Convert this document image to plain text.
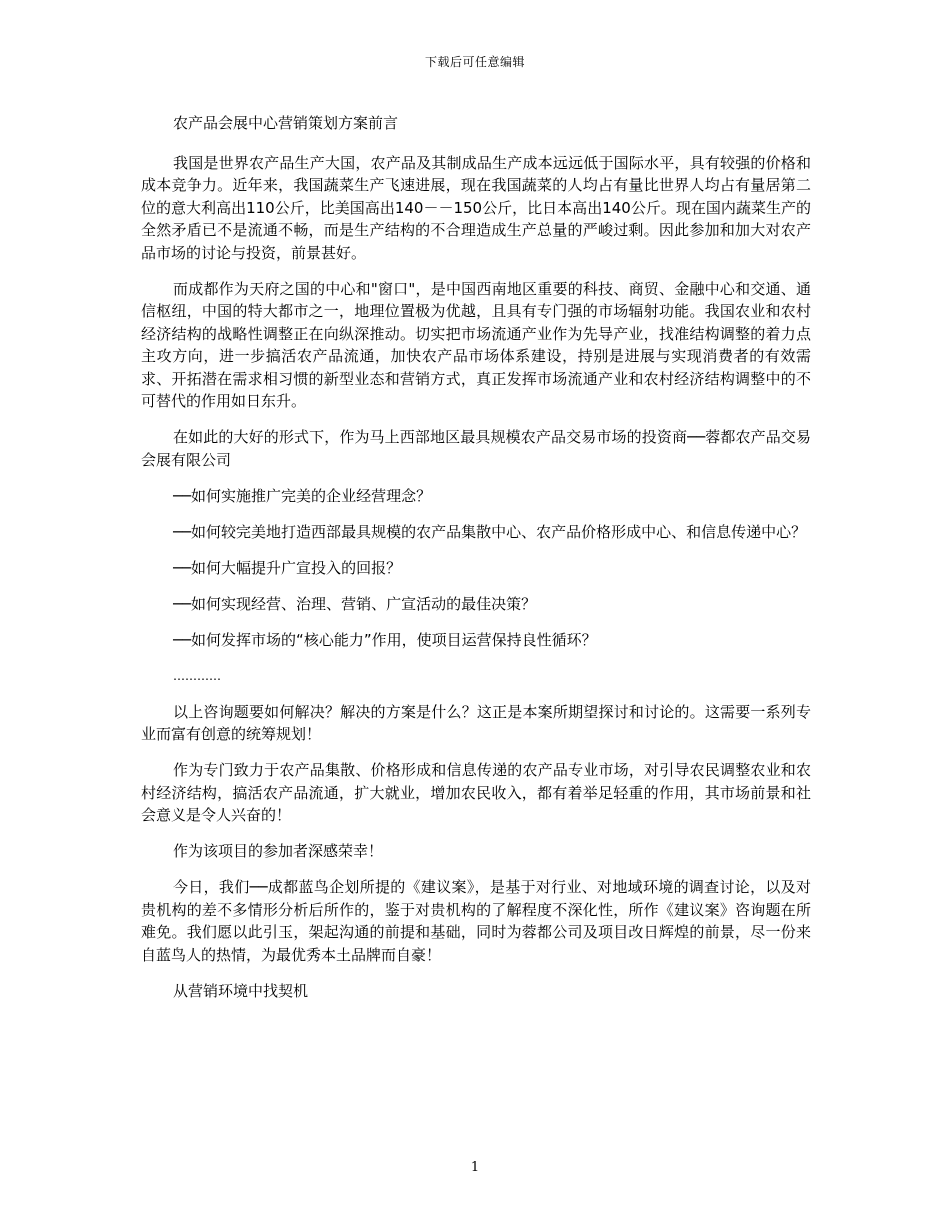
下载后可任意编辑

农产品会展中心营销策划方案前言

我国是世界农产品生产大国，农产品及其制成品生产成本远远低于国际水平，具有较强的价格和成本竞争力。近年来，我国蔬菜生产飞速进展，现在我国蔬菜的人均占有量比世界人均占有量居第二位的意大利高出110公斤，比美国高出140－－150公斤，比日本高出140公斤。现在国内蔬菜生产的全然矛盾已不是流通不畅，而是生产结构的不合理造成生产总量的严峻过剩。因此参加和加大对农产品市场的讨论与投资，前景甚好。

而成都作为天府之国的中心和"窗口"，是中国西南地区重要的科技、商贸、金融中心和交通、通信枢纽，中国的特大都市之一，地理位置极为优越，且具有专门强的市场辐射功能。我国农业和农村经济结构的战略性调整正在向纵深推动。切实把市场流通产业作为先导产业，找准结构调整的着力点主攻方向，进一步搞活农产品流通，加快农产品市场体系建设，持别是进展与实现消费者的有效需求、开拓潜在需求相习惯的新型业态和营销方式，真正发挥市场流通产业和农村经济结构调整中的不可替代的作用如日东升。

在如此的大好的形式下，作为马上西部地区最具规模农产品交易市场的投资商──蓉都农产品交易会展有限公司

──如何实施推广完美的企业经营理念？

──如何较完美地打造西部最具规模的农产品集散中心、农产品价格形成中心、和信息传递中心？

──如何大幅提升广宣投入的回报？

──如何实现经营、治理、营销、广宣活动的最佳决策？

──如何发挥市场的“核心能力”作用，使项目运营保持良性循环？

…………

以上咨询题要如何解决？解决的方案是什么？这正是本案所期望探讨和讨论的。这需要一系列专业而富有创意的统筹规划！

作为专门致力于农产品集散、价格形成和信息传递的农产品专业市场，对引导农民调整农业和农村经济结构，搞活农产品流通，扩大就业，增加农民收入，都有着举足轻重的作用，其市场前景和社会意义是令人兴奋的！

作为该项目的参加者深感荣幸！

今日，我们──成都蓝鸟企划所提的《建议案》，是基于对行业、对地域环境的调查讨论，以及对贵机构的差不多情形分析后所作的，鉴于对贵机构的了解程度不深化性，所作《建议案》咨询题在所难免。我们愿以此引玉，架起沟通的前提和基础，同时为蓉都公司及项目改日辉煌的前景，尽一份来自蓝鸟人的热情，为最优秀本土品牌而自豪！

从营销环境中找契机

1
